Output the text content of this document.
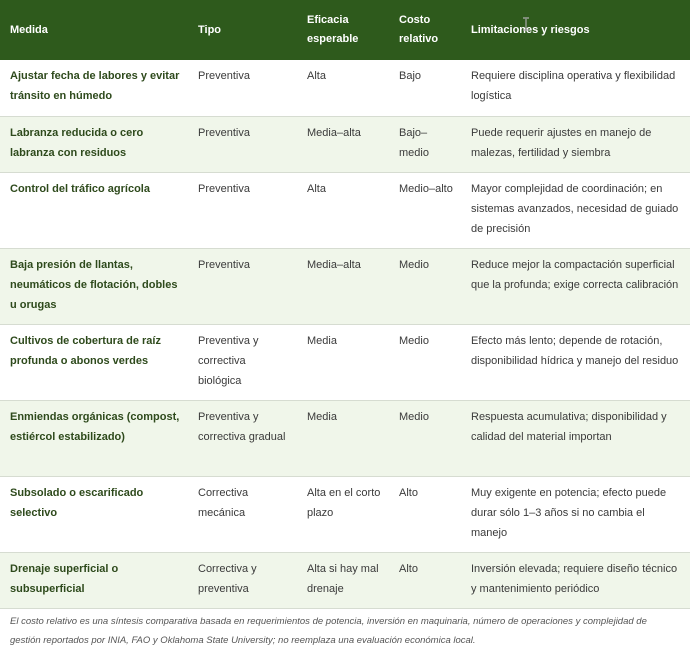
Medida	Tipo	Eficacia esperable	Costo relativo	Limitaciones y riesgos
Ajustar fecha de labores y evitar tránsito en húmedo	Preventiva	Alta	Bajo	Requiere disciplina operativa y flexibilidad logística
Labranza reducida o cero labranza con residuos	Preventiva	Media–alta	Bajo–medio	Puede requerir ajustes en manejo de malezas, fertilidad y siembra
Control del tráfico agrícola	Preventiva	Alta	Medio–alto	Mayor complejidad de coordinación; en sistemas avanzados, necesidad de guiado de precisión
Baja presión de llantas, neumáticos de flotación, dobles u orugas	Preventiva	Media–alta	Medio	Reduce mejor la compactación superficial que la profunda; exige correcta calibración
Cultivos de cobertura de raíz profunda o abonos verdes	Preventiva y correctiva biológica	Media	Medio	Efecto más lento; depende de rotación, disponibilidad hídrica y manejo del residuo
Enmiendas orgánicas (compost, estiércol estabilizado)	Preventiva y correctiva gradual	Media	Medio	Respuesta acumulativa; disponibilidad y calidad del material importan
Subsolado o escarificado selectivo	Correctiva mecánica	Alta en el corto plazo	Alto	Muy exigente en potencia; efecto puede durar sólo 1–3 años si no cambia el manejo
Drenaje superficial o subsuperficial	Correctiva y preventiva	Alta si hay mal drenaje	Alto	Inversión elevada; requiere diseño técnico y mantenimiento periódico

El costo relativo es una síntesis comparativa basada en requerimientos de potencia, inversión en maquinaria, número de operaciones y complejidad de gestión reportados por INIA, FAO y Oklahoma State University; no reemplaza una evaluación económica local.
